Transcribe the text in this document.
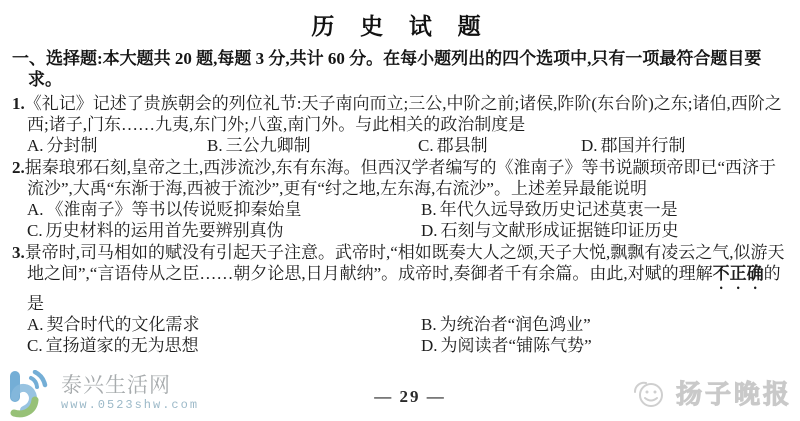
历 史 试 题
一、选择题:本大题共 20 题,每题 3 分,共计 60 分。在每小题列出的四个选项中,只有一项最符合题目要求。
1.《礼记》记述了贵族朝会的列位礼节:天子南向而立;三公,中阶之前;诸侯,阼阶(东台阶)之东;诸伯,西阶之西;诸子,门东……九夷,东门外;八蛮,南门外。与此相关的政治制度是
A. 分封制	B. 三公九卿制	C. 郡县制	D. 郡国并行制
2.据秦琅邪石刻,皇帝之土,西涉流沙,东有东海。但西汉学者编写的《淮南子》等书说颛顼帝即已“西济于流沙”,大禹“东渐于海,西被于流沙”,更有“纣之地,左东海,右流沙”。上述差异最能说明
A. 《淮南子》等书以传说贬抑秦始皇	B. 年代久远导致历史记述莫衷一是
C. 历史材料的运用首先要辨别真伪	D. 石刻与文献形成证据链印证历史
3.景帝时,司马相如的赋没有引起天子注意。武帝时,“相如既奏大人之颂,天子大悦,飘飘有凌云之气,似游天地之间”,“言语侍从之臣……朝夕论思,日月献纳”。成帝时,奏御者千有余篇。由此,对赋的理解不正确的是
A. 契合时代的文化需求	B. 为统治者“润色鸿业”
C. 宣扬道家的无为思想	D. 为阅读者“铺陈气势”
泰兴生活网
www.0523shw.com	— 29 —	扬子晚报
